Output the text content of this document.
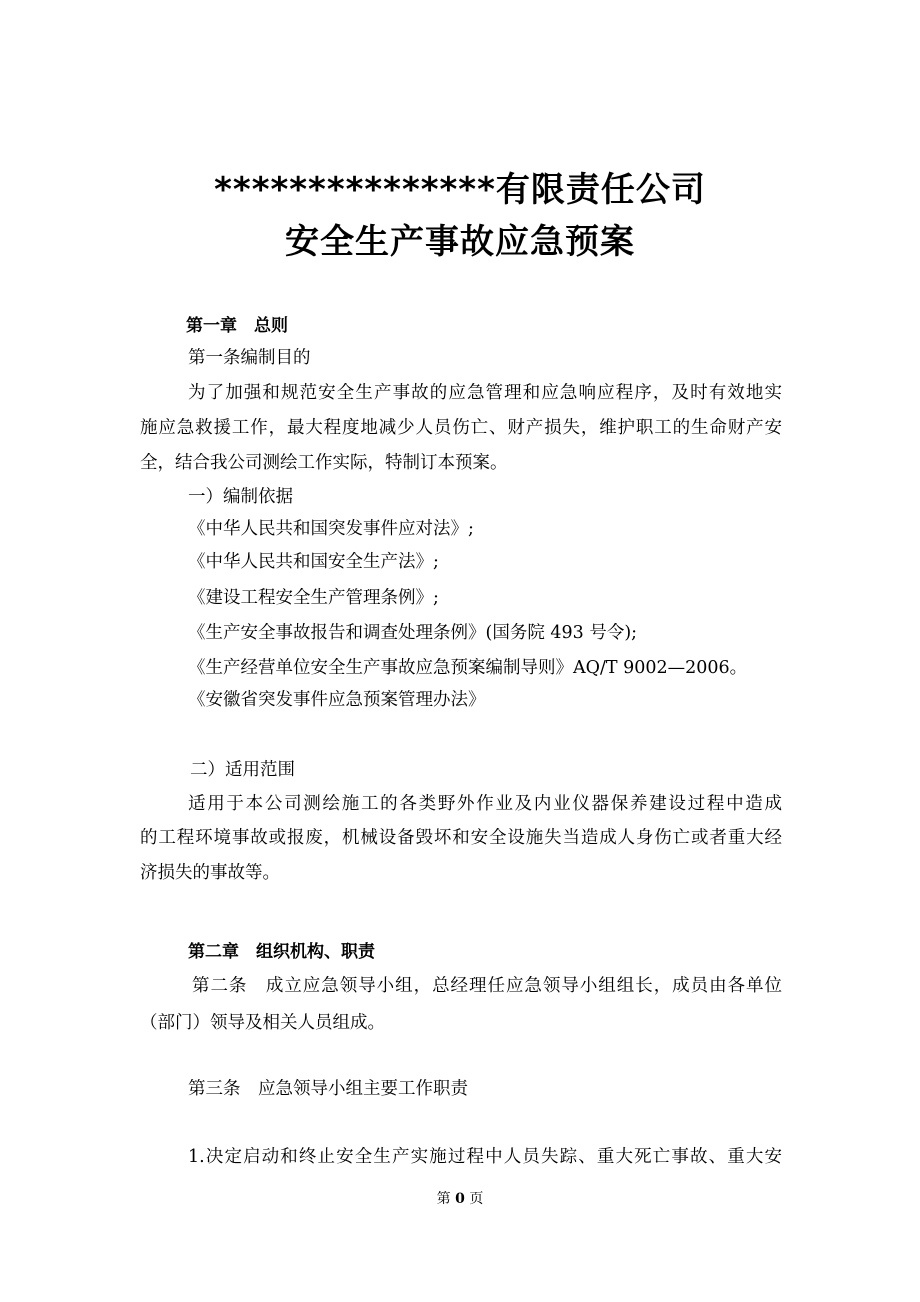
***************有限责任公司
安全生产事故应急预案
第一章　总则
第一条编制目的
为了加强和规范安全生产事故的应急管理和应急响应程序，及时有效地实
施应急救援工作，最大程度地减少人员伤亡、财产损失，维护职工的生命财产安
全，结合我公司测绘工作实际，特制订本预案。
一）编制依据
《中华人民共和国突发事件应对法》;
《中华人民共和国安全生产法》;
《建设工程安全生产管理条例》;
《生产安全事故报告和调查处理条例》(国务院 493 号令);
《生产经营单位安全生产事故应急预案编制导则》AQ/T 9002—2006。
《安徽省突发事件应急预案管理办法》
二）适用范围
适用于本公司测绘施工的各类野外作业及内业仪器保养建设过程中造成
的工程环境事故或报废，机械设备毁坏和安全设施失当造成人身伤亡或者重大经
济损失的事故等。
第二章　组织机构、职责
第二条　成立应急领导小组，总经理任应急领导小组组长，成员由各单位
（部门）领导及相关人员组成。
第三条　应急领导小组主要工作职责
1.决定启动和终止安全生产实施过程中人员失踪、重大死亡事故、重大安
第 0 页
